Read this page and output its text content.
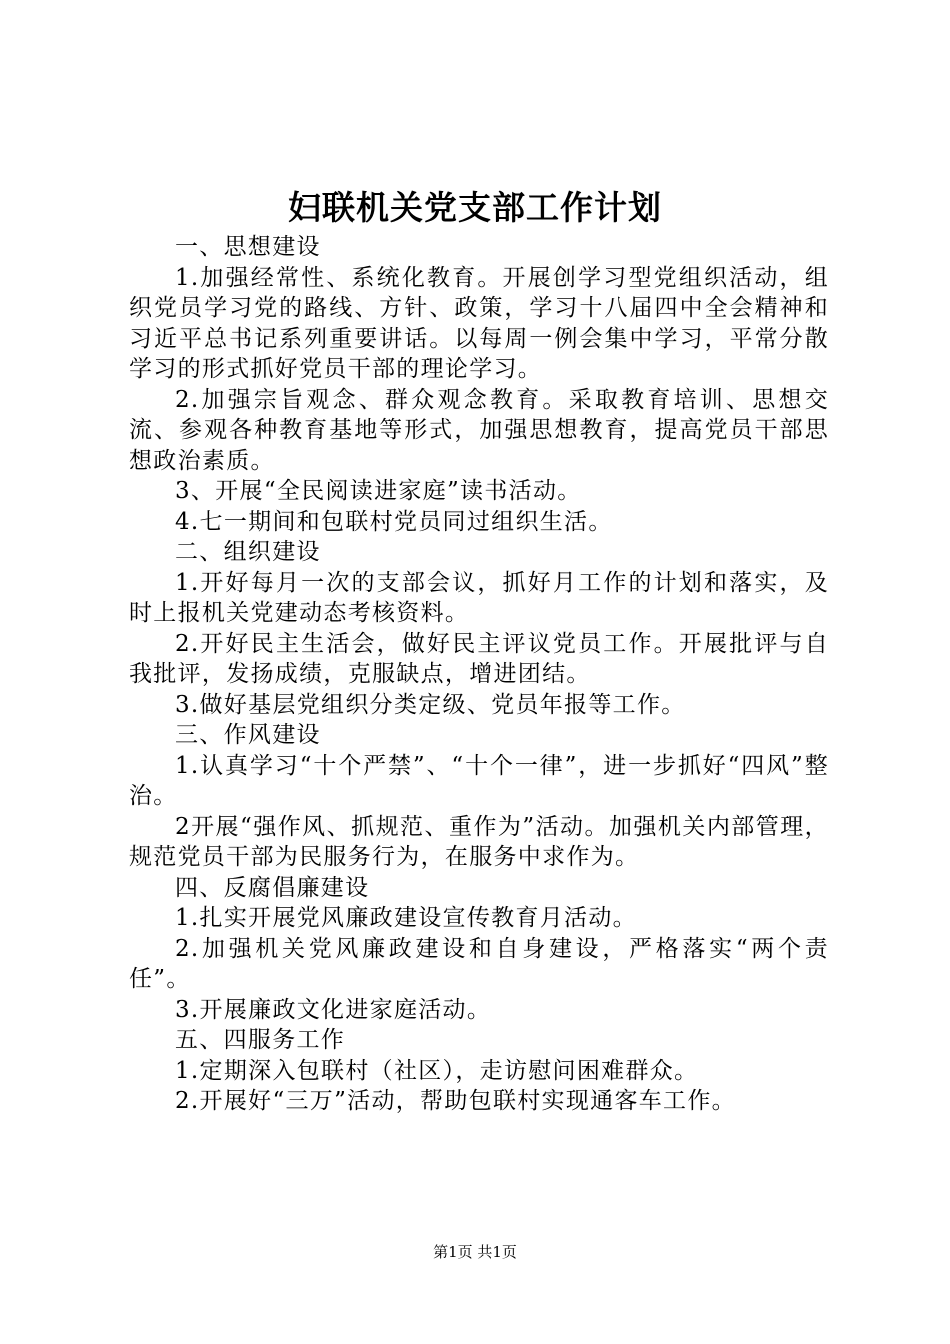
妇联机关党支部工作计划

一、思想建设

1.加强经常性、系统化教育。开展创学习型党组织活动，组织党员学习党的路线、方针、政策，学习十八届四中全会精神和习近平总书记系列重要讲话。以每周一例会集中学习，平常分散学习的形式抓好党员干部的理论学习。

2.加强宗旨观念、群众观念教育。采取教育培训、思想交流、参观各种教育基地等形式，加强思想教育，提高党员干部思想政治素质。

3、开展“全民阅读进家庭”读书活动。

4.七一期间和包联村党员同过组织生活。

二、组织建设

1.开好每月一次的支部会议，抓好月工作的计划和落实，及时上报机关党建动态考核资料。

2.开好民主生活会，做好民主评议党员工作。开展批评与自我批评，发扬成绩，克服缺点，增进团结。

3.做好基层党组织分类定级、党员年报等工作。

三、作风建设

1.认真学习“十个严禁”、“十个一律”，进一步抓好“四风”整治。

2开展“强作风、抓规范、重作为”活动。加强机关内部管理，规范党员干部为民服务行为，在服务中求作为。

四、反腐倡廉建设

1.扎实开展党风廉政建设宣传教育月活动。

2.加强机关党风廉政建设和自身建设，严格落实“两个责任”。

3.开展廉政文化进家庭活动。

五、四服务工作

1.定期深入包联村（社区），走访慰问困难群众。

2.开展好“三万”活动，帮助包联村实现通客车工作。

第1页 共1页
